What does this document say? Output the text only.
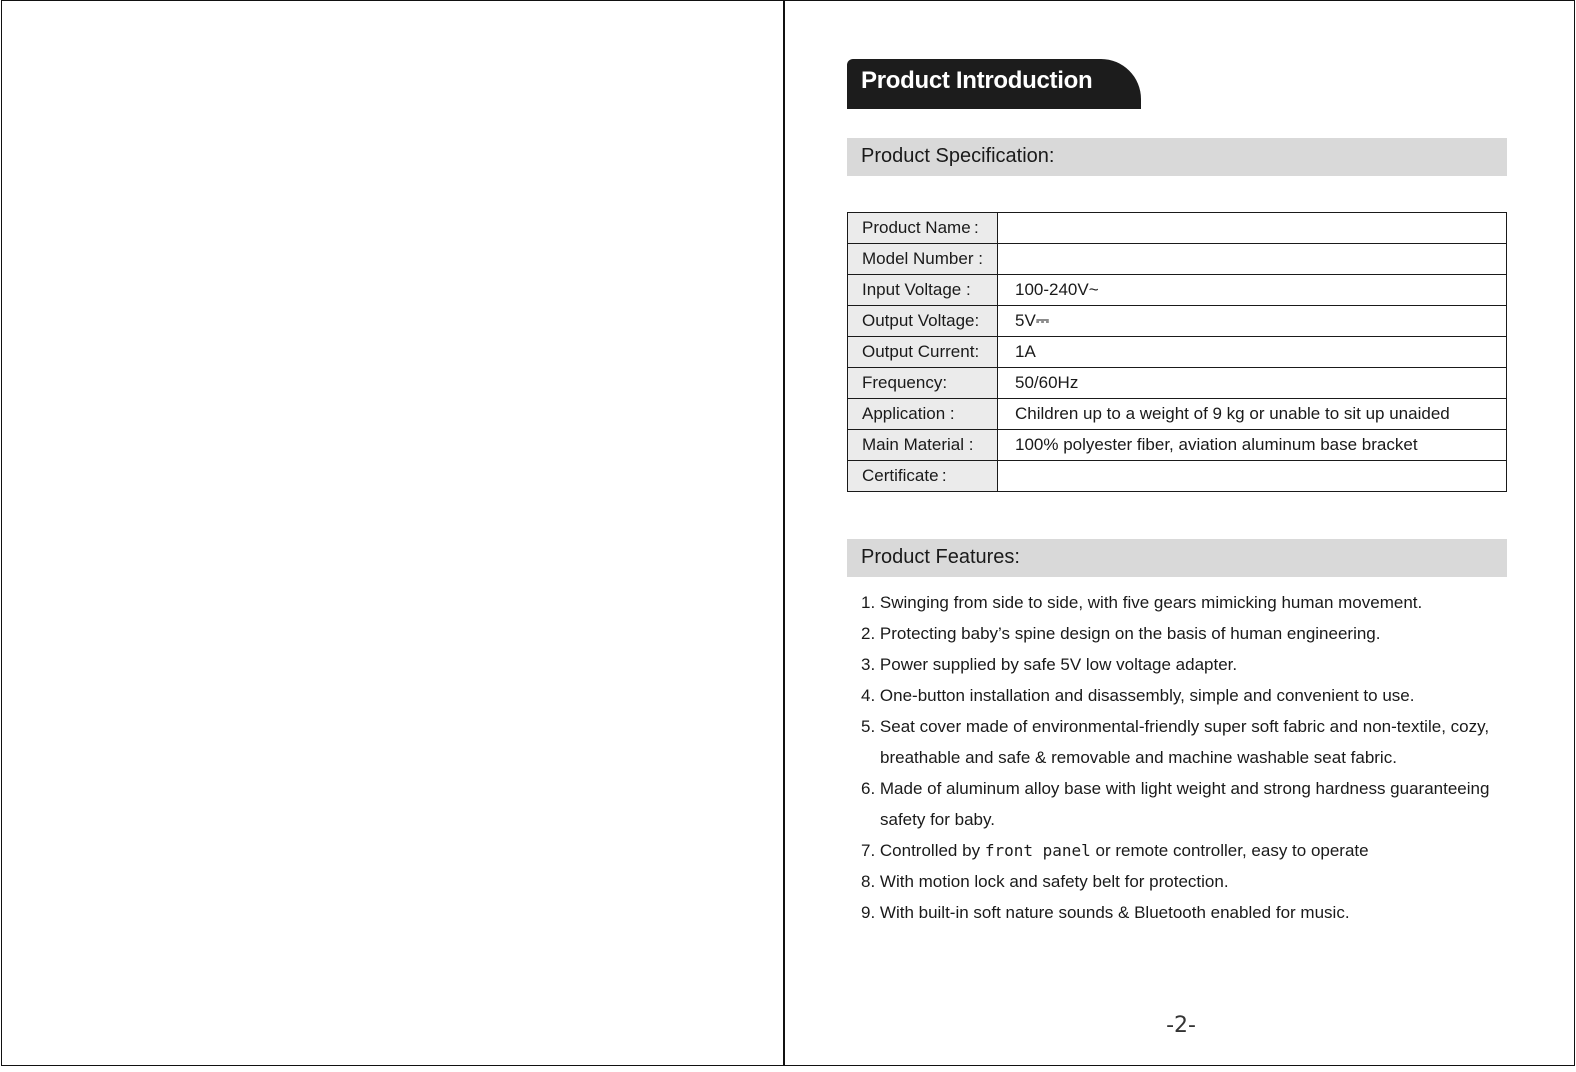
Product Introduction
Product Specification:
Product Name :	
Model Number :	
Input Voltage :	100-240V~
Output Voltage:	5V⎓
Output Current:	1A
Frequency:	50/60Hz
Application :	Children up to a weight of 9 kg or unable to sit up unaided
Main Material :	100% polyester fiber, aviation aluminum base bracket
Certificate :	
Product Features:
1. Swinging from side to side, with five gears mimicking human movement.
2. Protecting baby’s spine design on the basis of human engineering.
3. Power supplied by safe 5V low voltage adapter.
4. One-button installation and disassembly, simple and convenient to use.
5. Seat cover made of environmental-friendly super soft fabric and non-textile, cozy, breathable and safe & removable and machine washable seat fabric.
6. Made of aluminum alloy base with light weight and strong hardness guaranteeing safety for baby.
7. Controlled by front panel or remote controller, easy to operate
8. With motion lock and safety belt for protection.
9. With built-in soft nature sounds & Bluetooth enabled for music.
-2-
